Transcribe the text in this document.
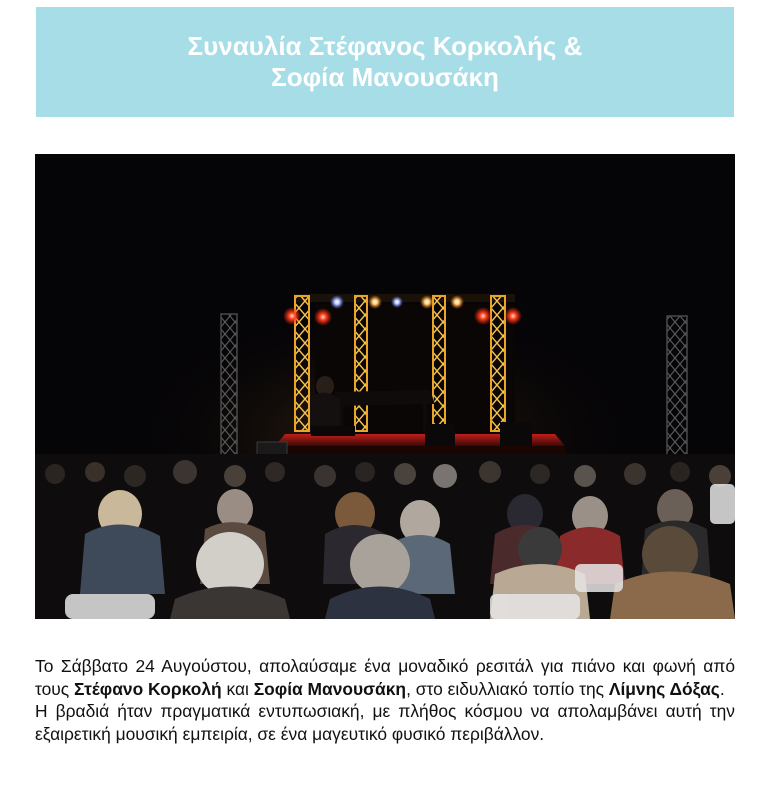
Συναυλία Στέφανος Κορκολής &
Σοφία Μανουσάκη

Το Σάββατο 24 Αυγούστου, απολαύσαμε ένα μοναδικό ρεσιτάλ για πιάνο και φωνή από τους Στέφανο Κορκολή και Σοφία Μανουσάκη, στο ειδυλλιακό τοπίο της Λίμνης Δόξας.

Η βραδιά ήταν πραγματικά εντυπωσιακή, με πλήθος κόσμου να απολαμβάνει αυτή την εξαιρετική μουσική εμπειρία, σε ένα μαγευτικό φυσικό περιβάλλον.
